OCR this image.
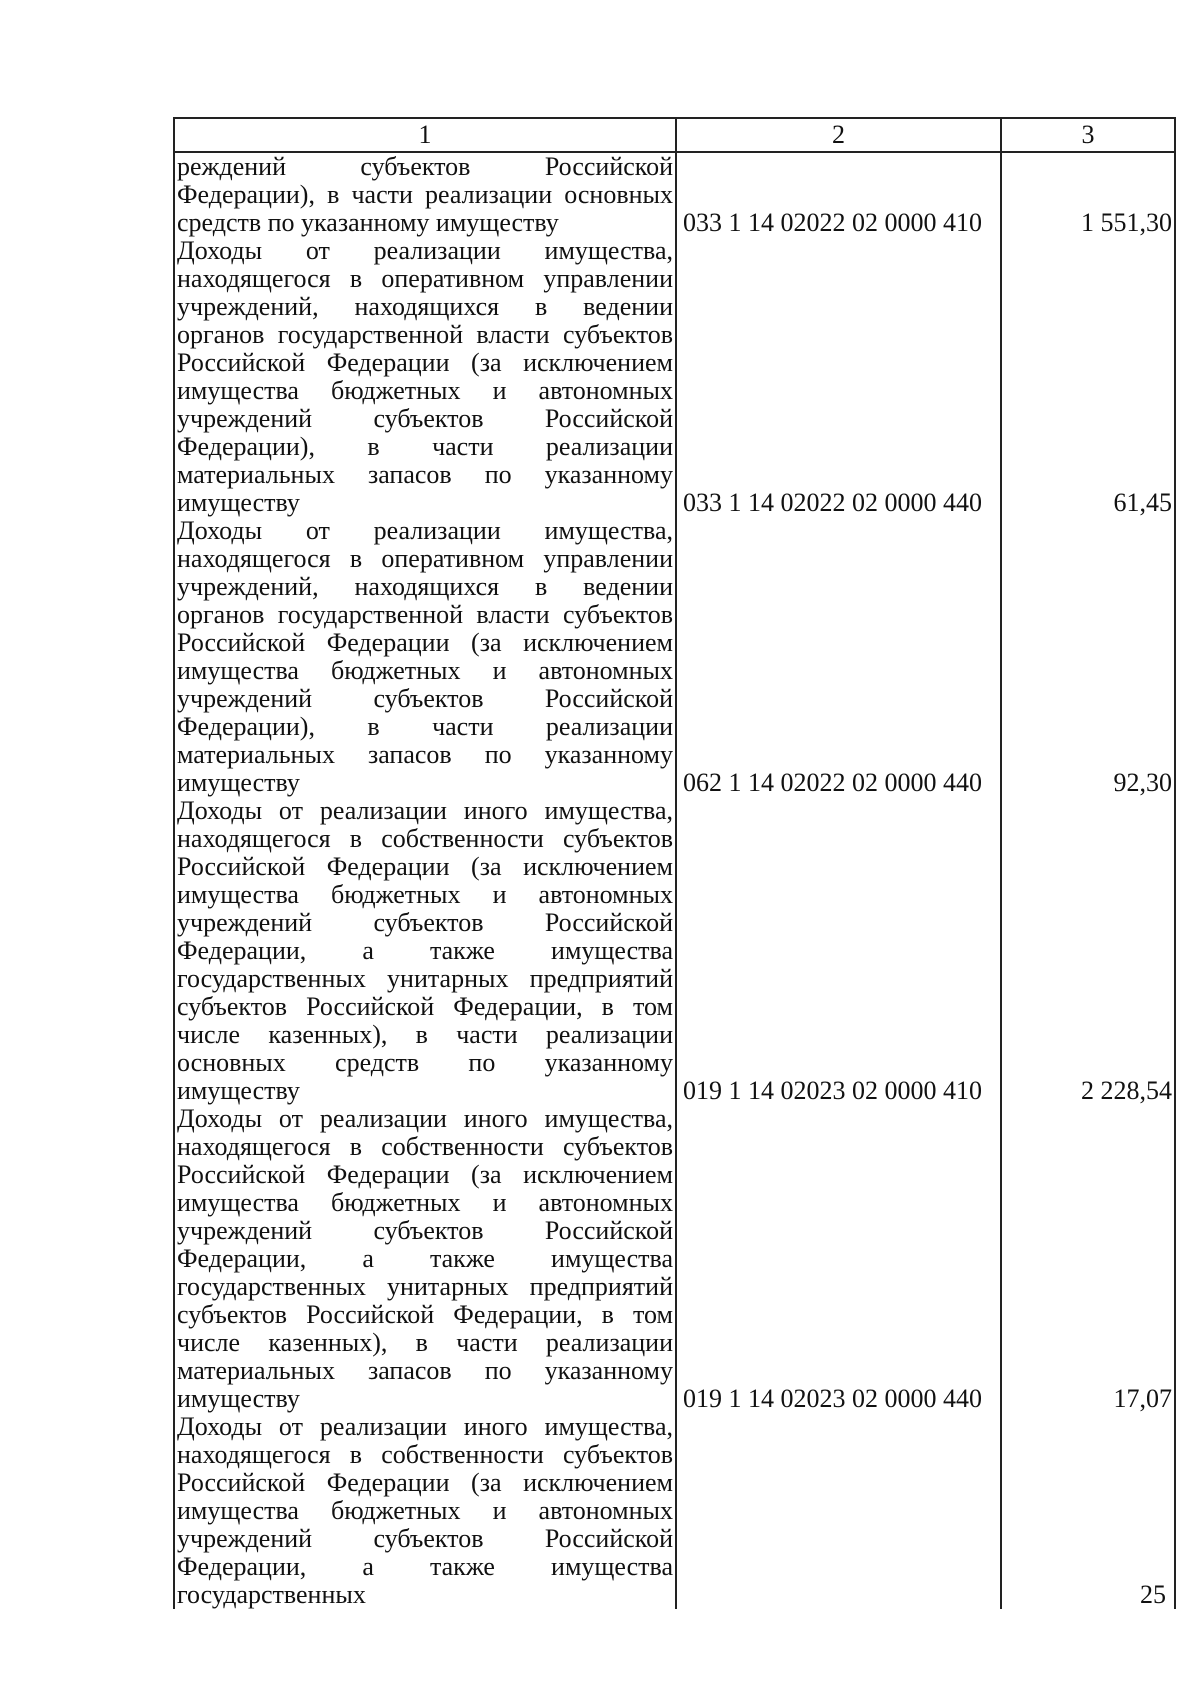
1	2	3
реждений субъектов Российской Федерации), в части реализации основных средств по указанному имуществу	033 1 14 02022 02 0000 410	1 551,30
Доходы от реализации имущества, находящегося в оперативном управлении учреждений, находящихся в ведении органов государственной власти субъектов Российской Федерации (за исключением имущества бюджетных и автономных учреждений субъектов Российской Федерации), в части реализации материальных запасов по указанному имуществу	033 1 14 02022 02 0000 440	61,45
Доходы от реализации имущества, находящегося в оперативном управлении учреждений, находящихся в ведении органов государственной власти субъектов Российской Федерации (за исключением имущества бюджетных и автономных учреждений субъектов Российской Федерации), в части реализации материальных запасов по указанному имуществу	062 1 14 02022 02 0000 440	92,30
Доходы от реализации иного имущества, находящегося в собственности субъектов Российской Федерации (за исключением имущества бюджетных и автономных учреждений субъектов Российской Федерации, а также имущества государственных унитарных предприятий субъектов Российской Федерации, в том числе казенных), в части реализации основных средств по указанному имуществу	019 1 14 02023 02 0000 410	2 228,54
Доходы от реализации иного имущества, находящегося в собственности субъектов Российской Федерации (за исключением имущества бюджетных и автономных учреждений субъектов Российской Федерации, а также имущества государственных унитарных предприятий субъектов Российской Федерации, в том числе казенных), в части реализации материальных запасов по указанному имуществу	019 1 14 02023 02 0000 440	17,07
Доходы от реализации иного имущества, находящегося в собственности субъектов Российской Федерации (за исключением имущества бюджетных и автономных учреждений субъектов Российской Федерации, а также имущества государственных			25
